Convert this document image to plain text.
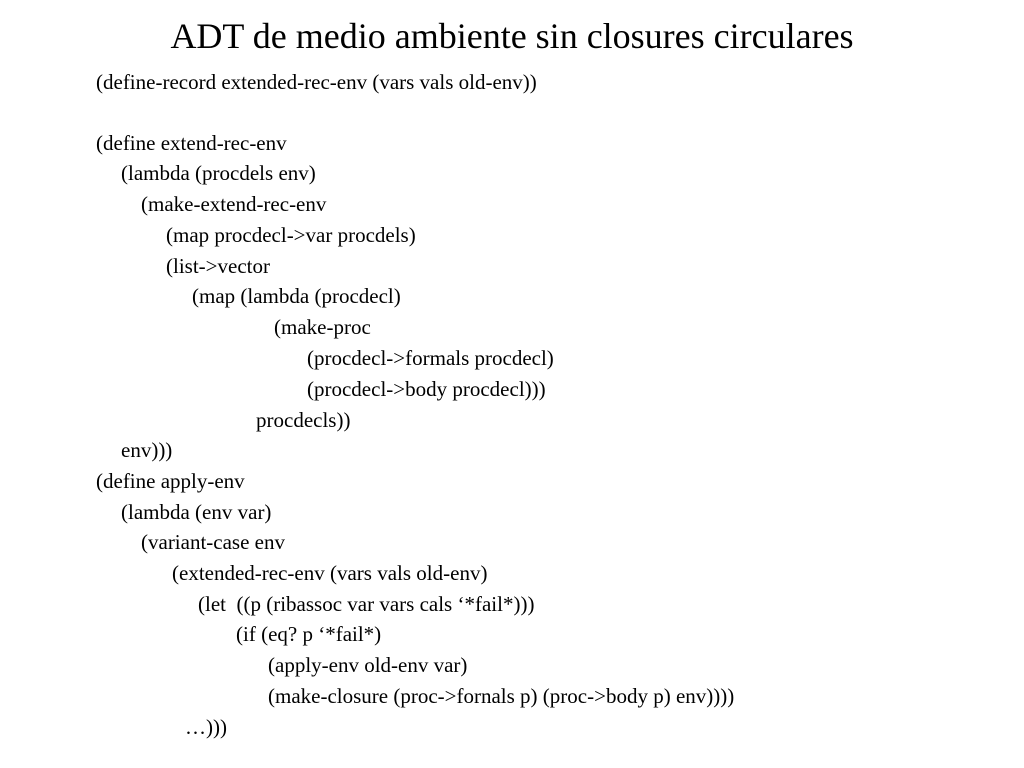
ADT de medio ambiente sin closures circulares
(define-record extended-rec-env (vars vals old-env))
(define extend-rec-env
(lambda (procdels env)
(make-extend-rec-env
(map procdecl->var procdels)
(list->vector
(map (lambda (procdecl)
(make-proc
(procdecl->formals procdecl)
(procdecl->body procdecl)))
procdecls))
env)))
(define apply-env
(lambda (env var)
(variant-case env
(extended-rec-env (vars vals old-env)
(let  ((p (ribassoc var vars cals ‘*fail*)))
(if (eq? p ‘*fail*)
(apply-env old-env var)
(make-closure (proc->fornals p) (proc->body p) env))))
…)))
